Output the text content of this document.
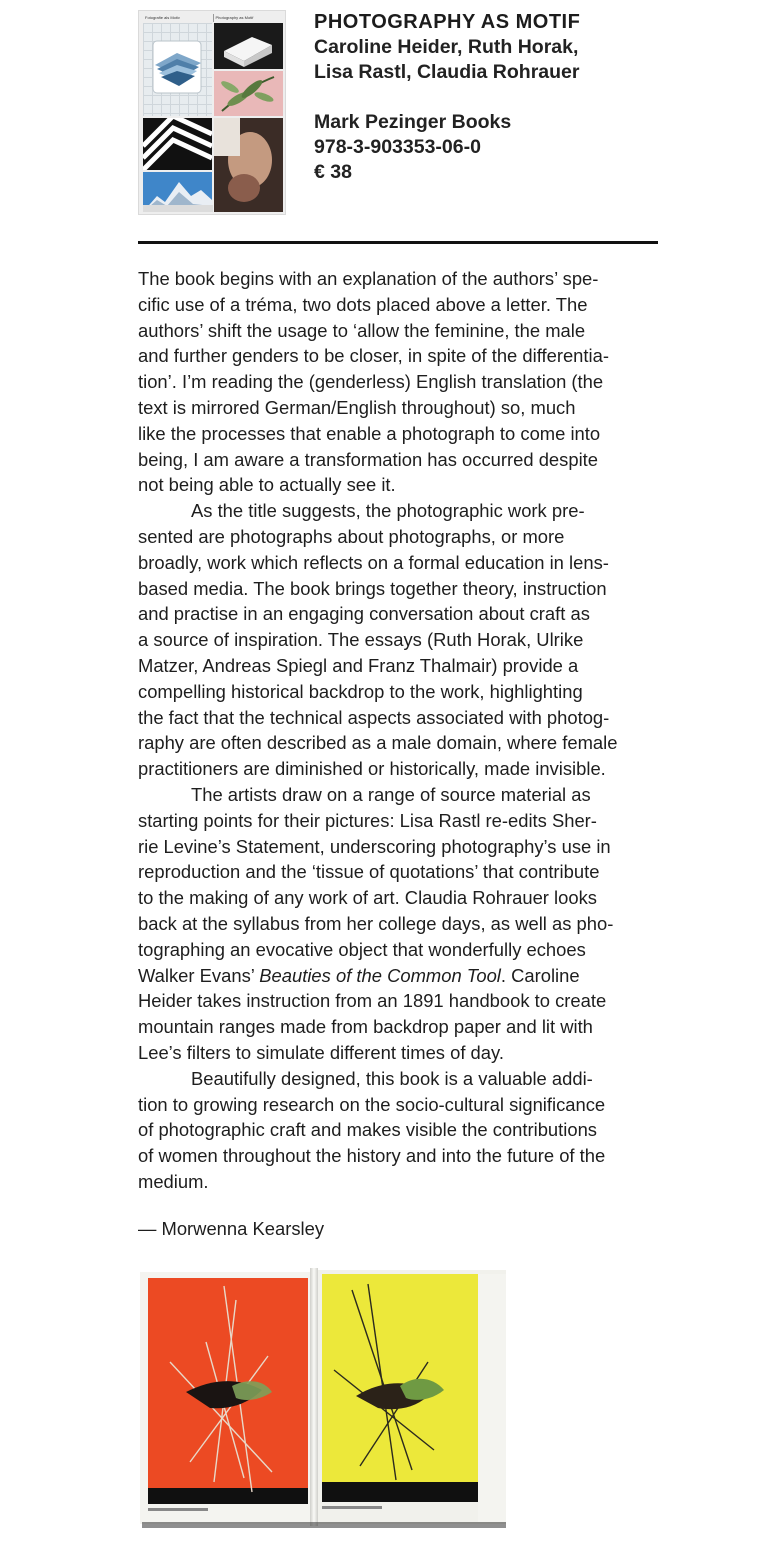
Fotografie als Motiv	Photography as Motif	PHOTOGRAPHY AS MOTIF
Caroline Heider, Ruth Horak,
Lisa Rastl, Claudia Rohrauer
Mark Pezinger Books
978-3-903353-06-0
€ 38

The book begins with an explanation of the authors’ spe-
cific use of a tréma, two dots placed above a letter. The
authors’ shift the usage to ‘allow the feminine, the male
and further genders to be closer, in spite of the differentia-
tion’. I’m reading the (genderless) English translation (the
text is mirrored German/English throughout) so, much
like the processes that enable a photograph to come into
being, I am aware a transformation has occurred despite
not being able to actually see it.

As the title suggests, the photographic work pre-
sented are photographs about photographs, or more
broadly, work which reflects on a formal education in lens-
based media. The book brings together theory, instruction
and practise in an engaging conversation about craft as
a source of inspiration. The essays (Ruth Horak, Ulrike
Matzer, Andreas Spiegl and Franz Thalmair) provide a
compelling historical backdrop to the work, highlighting
the fact that the technical aspects associated with photog-
raphy are often described as a male domain, where female
practitioners are diminished or historically, made invisible.

The artists draw on a range of source material as
starting points for their pictures: Lisa Rastl re-edits Sher-
rie Levine’s Statement, underscoring photography’s use in
reproduction and the ‘tissue of quotations’ that contribute
to the making of any work of art. Claudia Rohrauer looks
back at the syllabus from her college days, as well as pho-
tographing an evocative object that wonderfully echoes
Walker Evans’ Beauties of the Common Tool. Caroline
Heider takes instruction from an 1891 handbook to create
mountain ranges made from backdrop paper and lit with
Lee’s filters to simulate different times of day.

Beautifully designed, this book is a valuable addi-
tion to growing research on the socio-cultural significance
of photographic craft and makes visible the contributions
of women throughout the history and into the future of the
medium.

— Morwenna Kearsley
